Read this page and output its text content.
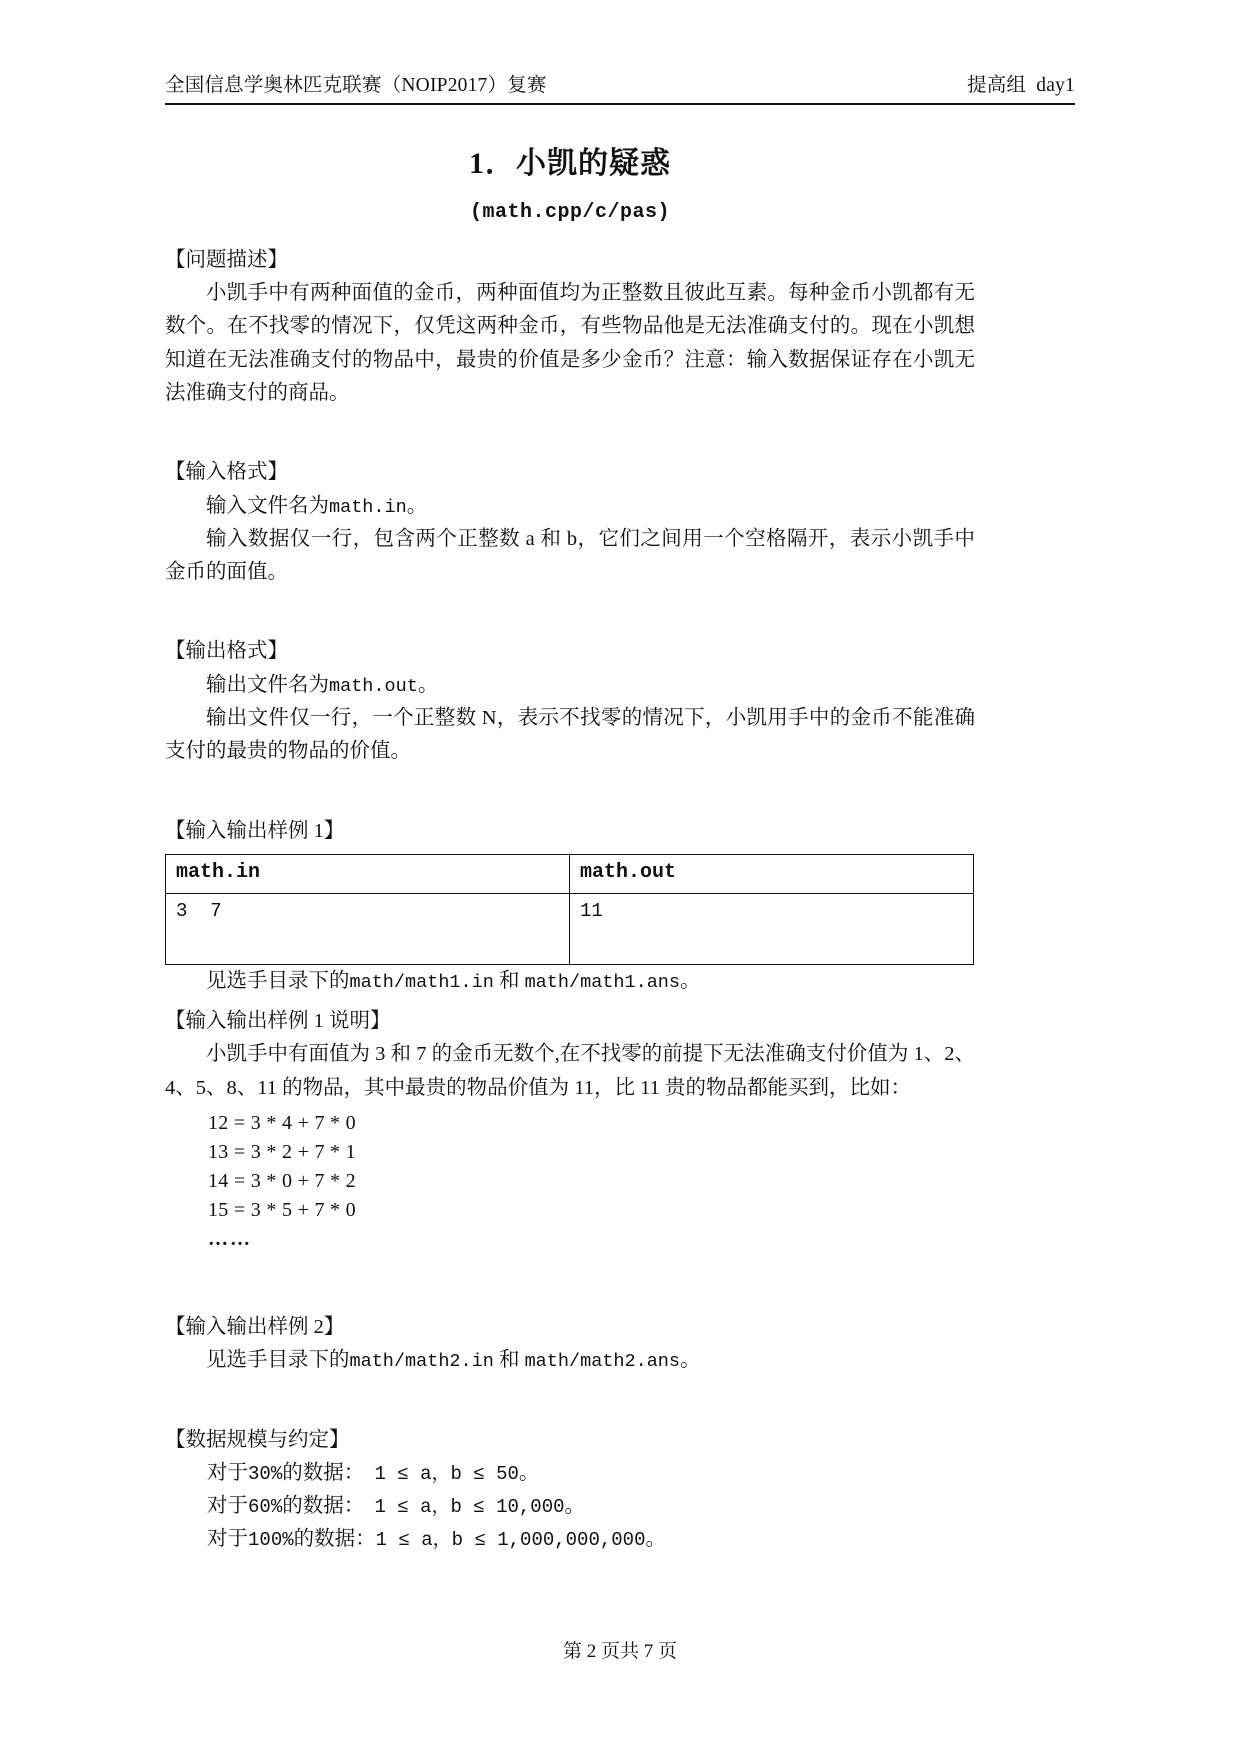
全国信息学奥林匹克联赛（NOIP2017）复赛	提高组  day1
1．小凯的疑惑
(math.cpp/c/pas)
【问题描述】

小凯手中有两种面值的金币，两种面值均为正整数且彼此互素。每种金币小凯都有无数个。在不找零的情况下，仅凭这两种金币，有些物品他是无法准确支付的。现在小凯想知道在无法准确支付的物品中，最贵的价值是多少金币？注意：输入数据保证存在小凯无法准确支付的商品。

【输入格式】

输入文件名为math.in。

输入数据仅一行，包含两个正整数 a 和 b，它们之间用一个空格隔开，表示小凯手中金币的面值。

【输出格式】

输出文件名为math.out。

输出文件仅一行，一个正整数 N，表示不找零的情况下，小凯用手中的金币不能准确支付的最贵的物品的价值。

【输入输出样例 1】
math.in	math.out
3  7	11

见选手目录下的math/math1.in 和 math/math1.ans。

【输入输出样例 1 说明】

小凯手中有面值为 3 和 7 的金币无数个,在不找零的前提下无法准确支付价值为 1、2、4、5、8、11 的物品，其中最贵的物品价值为 11，比 11 贵的物品都能买到，比如：

12 = 3 * 4 + 7 * 0
13 = 3 * 2 + 7 * 1
14 = 3 * 0 + 7 * 2
15 = 3 * 5 + 7 * 0
……
【输入输出样例 2】

见选手目录下的math/math2.in 和 math/math2.ans。

【数据规模与约定】
对于30%的数据： 1 ≤ a，b ≤ 50。
对于60%的数据： 1 ≤ a，b ≤ 10,000。
对于100%的数据：1 ≤ a，b ≤ 1,000,000,000。
第 2 页共 7 页
